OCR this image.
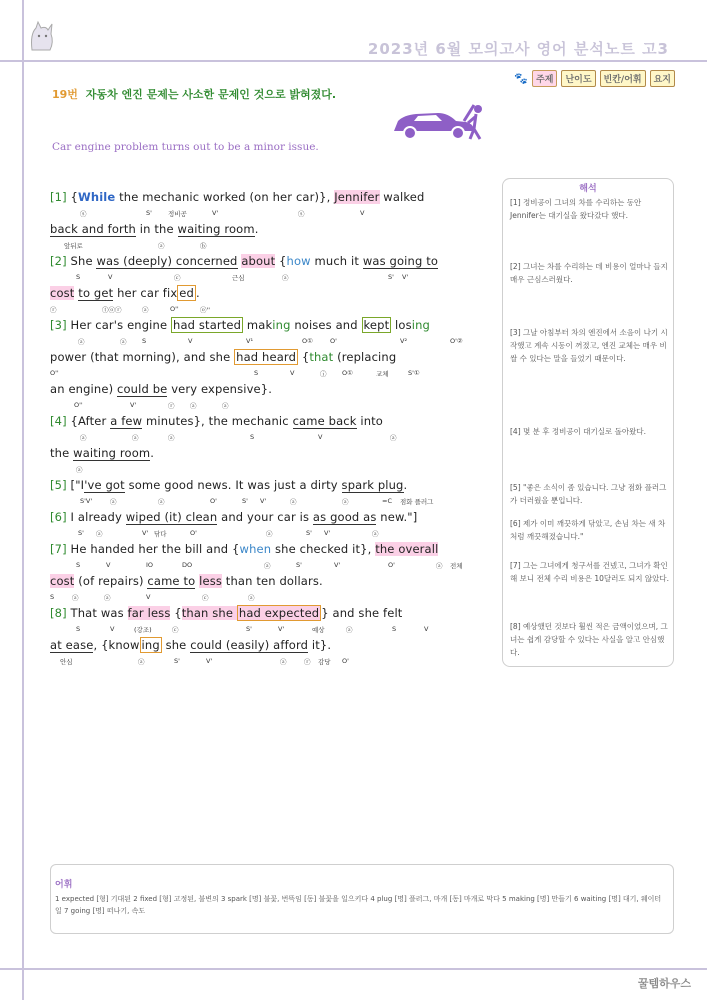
2023년 6월 모의고사 영어 분석노트 고3
🐾 주제	난이도	빈칸/어휘	요지
19번 자동차 엔진 문제는 사소한 문제인 것으로 밝혀졌다.
Car engine problem turns out to be a minor issue.
[1] {While the mechanic worked (on her car)}, Jennifer walked
ⓢ	S' 정비공	V'	ⓢ	V
back and forth in the waiting room.
앞뒤로	ⓐ	ⓑ
[2] She was (deeply) concerned about {how much it was going to
S	V	ⓒ	근심	ⓐ	S' V'
cost to get her car fix ed .
ⓡ	ⓣⓞⓡ	ⓐ	O''	ⓞ''
[3] Her car's engine had started making noises and kept losing
ⓐ	ⓐ S	V	V¹	O①	O'	V²	O'②
power (that morning), and she had heard {that (replacing
O''	S	V	ⓘ O①	교체	S'①
an engine) could be very expensive}.
O''	V'	ⓡ ⓐ	ⓐ
[4] {After a few minutes}, the mechanic came back into
ⓐ	ⓐ	ⓐ	S	V	ⓐ
the waiting room.
ⓐ
[5] ["I've got some good news. It was just a dirty spark plug.
S'V'	ⓐ	ⓐ	O'	S' V'	ⓐ	ⓐ	=C 점화 플러그
[6] I already wiped (it) clean and your car is as good as new."]
S' ⓐ	V' 닦다	O'	ⓐ	S' V'	ⓐ
[7] He handed her the bill and {when she checked it}, the overall
S	V	IO	DO	ⓐ	S'	V'	O'	ⓐ 전체
cost (of repairs) came to less than ten dollars.
S	ⓐ	ⓐ	V	ⓒ	ⓐ
[8] That was far less {than she had expected } and she felt
S	V	(강조)	ⓒ	S'	V'	예상	ⓐ	S	V
at ease, {know ing she could (easily) afford it}.
안심	ⓐ	S'	V'	ⓐ	ⓡ 감당 O'
해석
[1] 정비공이 그녀의 차를 수리하는 동안 Jennifer는 대기실을 왔다갔다 했다.
[2] 그녀는 차를 수리하는 데 비용이 얼마나 들지 매우 근심스러웠다.
[3] 그날 아침부터 차의 엔진에서 소음이 나기 시작했고 계속 시동이 꺼졌고, 엔진 교체는 매우 비쌀 수 있다는 말을 들었기 때문이다.
[4] 몇 분 후 정비공이 대기실로 돌아왔다.
[5] "좋은 소식이 좀 있습니다. 그냥 점화 플러그가 더러웠을 뿐입니다.
[6] 제가 이미 깨끗하게 닦았고, 손님 차는 새 차처럼 깨끗해졌습니다."
[7] 그는 그녀에게 청구서를 건넸고, 그녀가 확인해 보니 전체 수리 비용은 10달러도 되지 않았다.
[8] 예상했던 것보다 훨씬 적은 금액이었으며, 그녀는 쉽게 감당할 수 있다는 사실을 알고 안심했다.
어휘
1 expected [형] 기대된 2 fixed [형] 고정된, 불변의 3 spark [명] 불꽃, 번뜩임 [동] 불꽃을 일으키다 4 plug [명] 플러그, 마개 [동] 마개로 막다 5 making [명] 만들기 6 waiting [명] 대기, 웨이터 일 7 going [명] 떠나기, 속도
꿀템하우스
